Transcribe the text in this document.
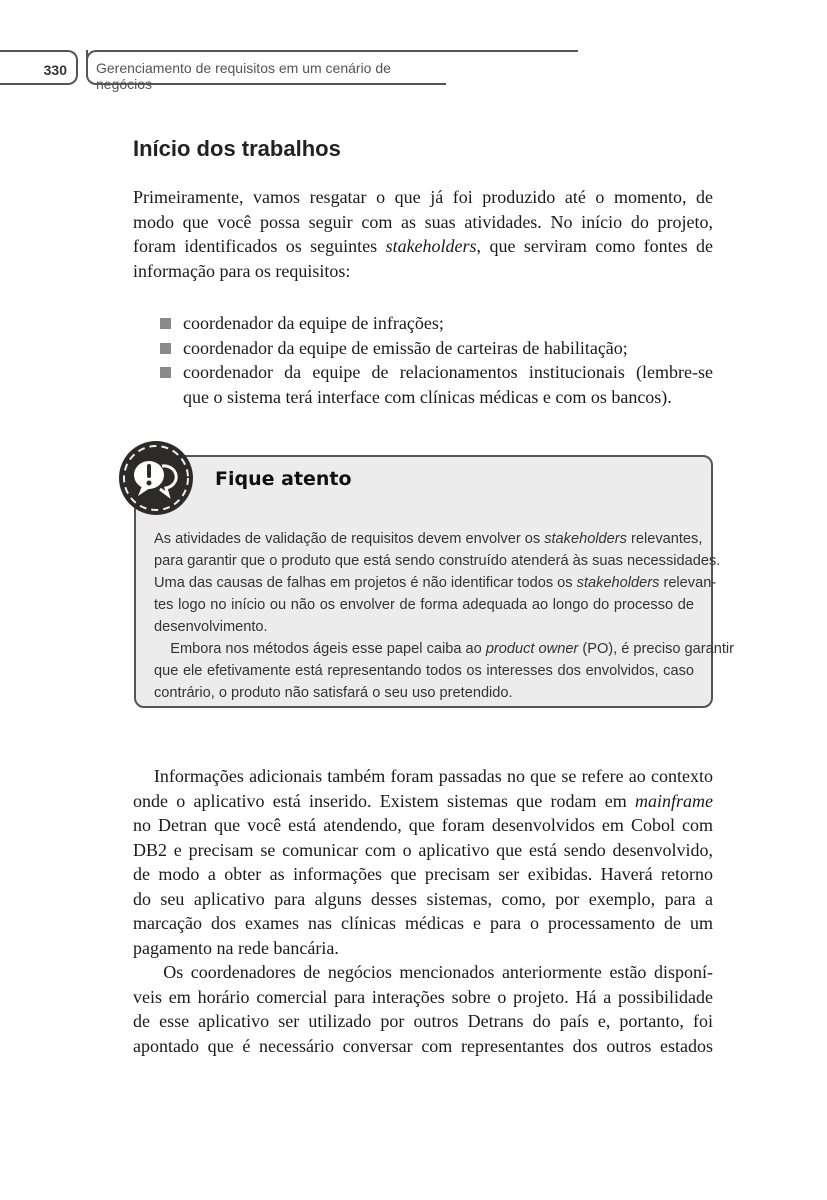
330	Gerenciamento de requisitos em um cenário de negócios
Início dos trabalhos
Primeiramente, vamos resgatar o que já foi produzido até o momento, de
modo que você possa seguir com as suas atividades. No início do projeto,
foram identificados os seguintes stakeholders, que serviram como fontes de
informação para os requisitos:
coordenador da equipe de infrações;
coordenador da equipe de emissão de carteiras de habilitação;
coordenador da equipe de relacionamentos institucionais (lembre-se
que o sistema terá interface com clínicas médicas e com os bancos).
Fique atento
As atividades de validação de requisitos devem envolver os stakeholders relevantes,
para garantir que o produto que está sendo construído atenderá às suas necessidades.
Uma das causas de falhas em projetos é não identificar todos os stakeholders relevan-
tes logo no início ou não os envolver de forma adequada ao longo do processo de
desenvolvimento.
Embora nos métodos ágeis esse papel caiba ao product owner (PO), é preciso garantir
que ele efetivamente está representando todos os interesses dos envolvidos, caso
contrário, o produto não satisfará o seu uso pretendido.
Informações adicionais também foram passadas no que se refere ao contexto
onde o aplicativo está inserido. Existem sistemas que rodam em mainframe
no Detran que você está atendendo, que foram desenvolvidos em Cobol com
DB2 e precisam se comunicar com o aplicativo que está sendo desenvolvido,
de modo a obter as informações que precisam ser exibidas. Haverá retorno
do seu aplicativo para alguns desses sistemas, como, por exemplo, para a
marcação dos exames nas clínicas médicas e para o processamento de um
pagamento na rede bancária.
Os coordenadores de negócios mencionados anteriormente estão disponí-
veis em horário comercial para interações sobre o projeto. Há a possibilidade
de esse aplicativo ser utilizado por outros Detrans do país e, portanto, foi
apontado que é necessário conversar com representantes dos outros estados
